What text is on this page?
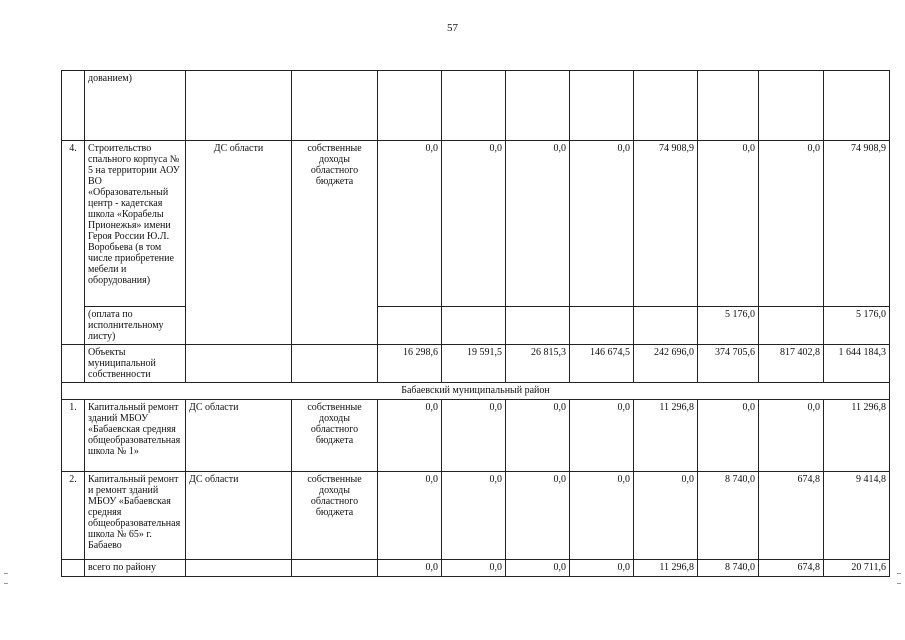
57
	дованием)										
4.	Строительство спального корпуса № 5 на территории АОУ ВО «Образовательный центр - кадетская школа «Корабелы Прионежья» имени Героя России Ю.Л. Воробьева (в том числе приобретение мебели и оборудования)	ДС области	собственные доходы областного бюджета	0,0	0,0	0,0	0,0	74 908,9	0,0	0,0	74 908,9
	(оплата по исполнительному листу)								5 176,0		5 176,0
	Объекты муниципальной собственности			16 298,6	19 591,5	26 815,3	146 674,5	242 696,0	374 705,6	817 402,8	1 644 184,3
Бабаевский муниципальный район											
1.	Капитальный ремонт зданий МБОУ «Бабаевская средняя общеобразовательная школа № 1»	ДС области	собственные доходы областного бюджета	0,0	0,0	0,0	0,0	11 296,8	0,0	0,0	11 296,8
2.	Капитальный ремонт и ремонт зданий МБОУ «Бабаевская средняя общеобразовательная школа № 65» г. Бабаево	ДС области	собственные доходы областного бюджета	0,0	0,0	0,0	0,0	0,0	8 740,0	674,8	9 414,8
	всего по району			0,0	0,0	0,0	0,0	11 296,8	8 740,0	674,8	20 711,6
